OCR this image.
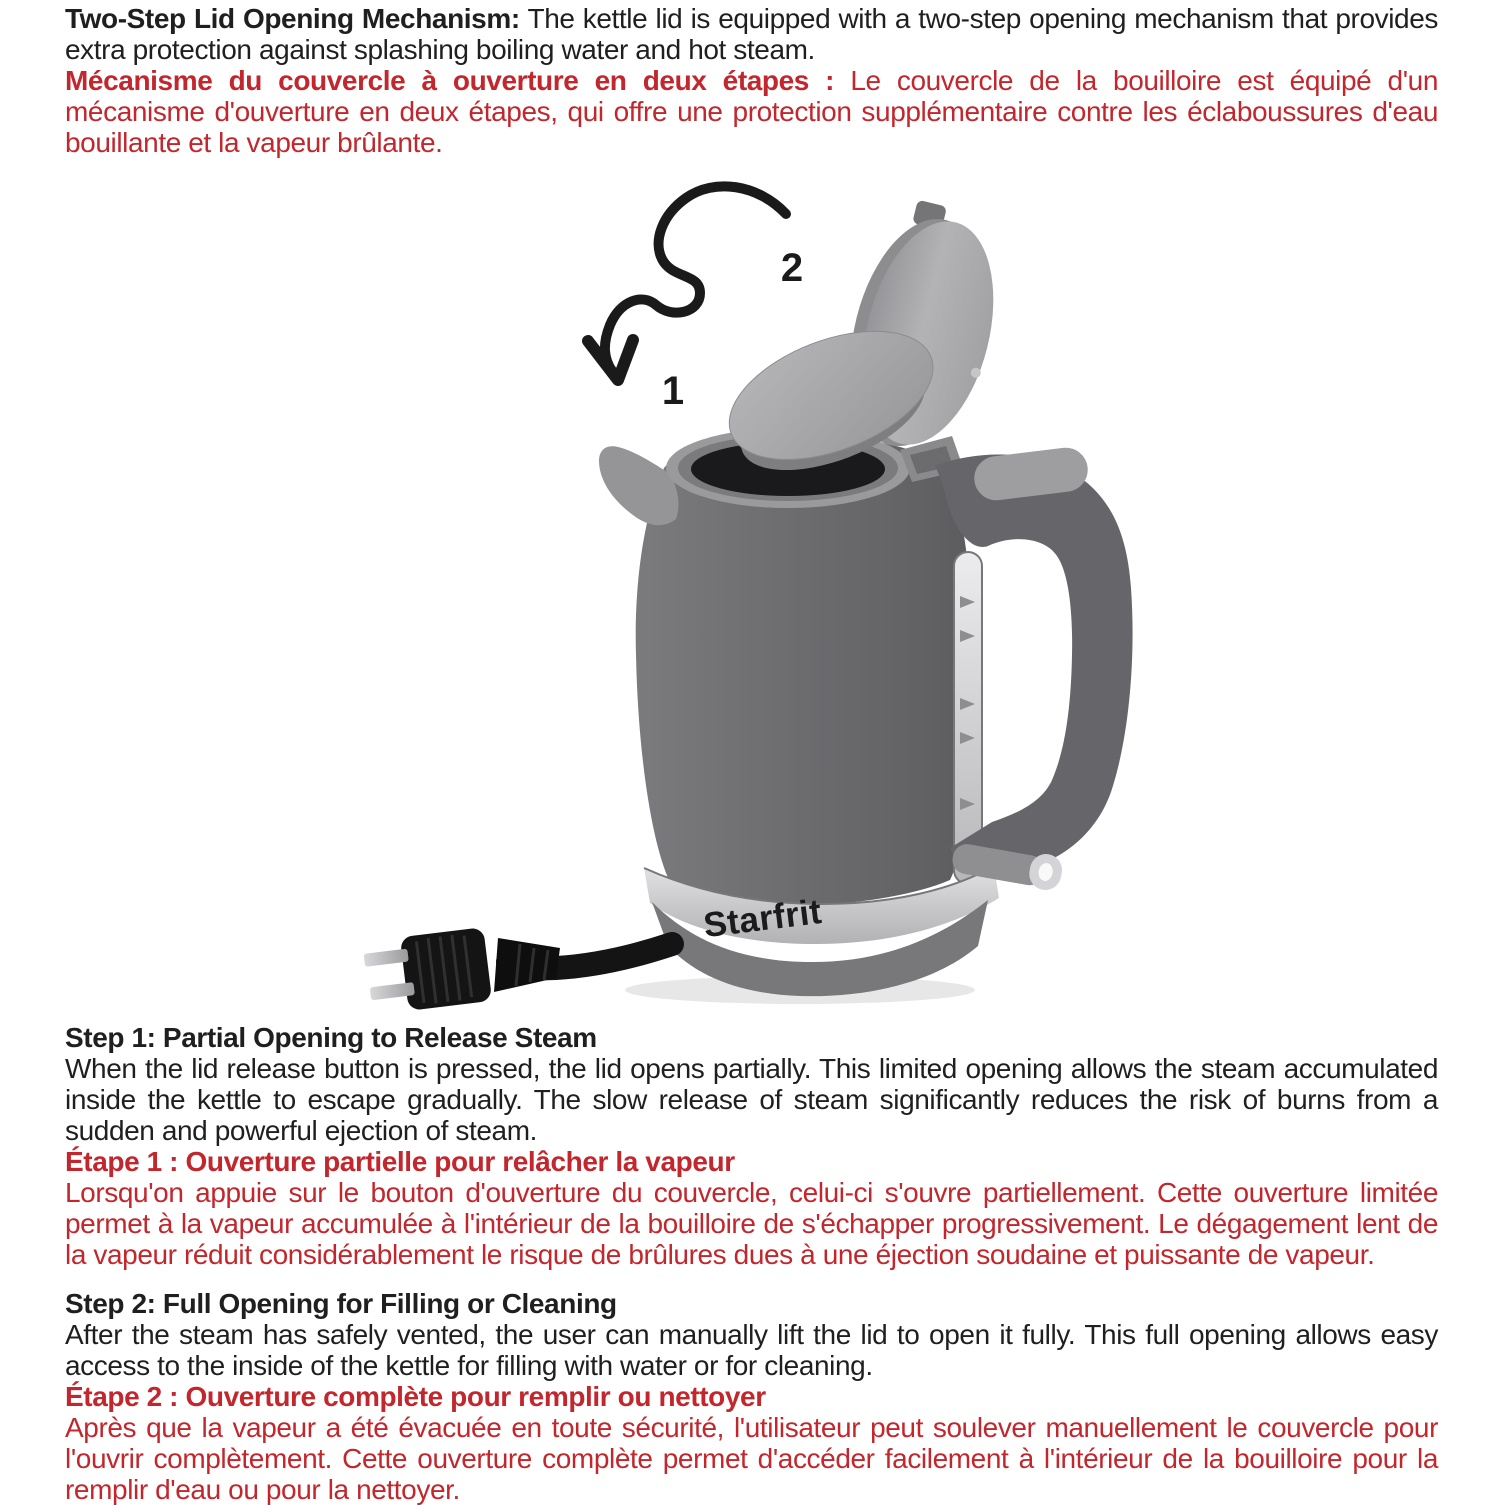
Two-Step Lid Opening Mechanism: The kettle lid is equipped with a two-step opening mechanism that provides extra protection against splashing boiling water and hot steam.

Mécanisme du couvercle à ouverture en deux étapes : Le couvercle de la bouilloire est équipé d'un mécanisme d'ouverture en deux étapes, qui offre une protection supplémentaire contre les éclaboussures d'eau bouillante et la vapeur brûlante.

1
2
Starfrit

Step 1: Partial Opening to Release Steam

When the lid release button is pressed, the lid opens partially. This limited opening allows the steam accumulated inside the kettle to escape gradually. The slow release of steam significantly reduces the risk of burns from a sudden and powerful ejection of steam.

Étape 1 : Ouverture partielle pour relâcher la vapeur

Lorsqu'on appuie sur le bouton d'ouverture du couvercle, celui-ci s'ouvre partiellement. Cette ouverture limitée permet à la vapeur accumulée à l'intérieur de la bouilloire de s'échapper progressivement. Le dégagement lent de la vapeur réduit considérablement le risque de brûlures dues à une éjection soudaine et puissante de vapeur.

Step 2: Full Opening for Filling or Cleaning

After the steam has safely vented, the user can manually lift the lid to open it fully. This full opening allows easy access to the inside of the kettle for filling with water or for cleaning.

Étape 2 : Ouverture complète pour remplir ou nettoyer

Après que la vapeur a été évacuée en toute sécurité, l'utilisateur peut soulever manuellement le couvercle pour l'ouvrir complètement. Cette ouverture complète permet d'accéder facilement à l'intérieur de la bouilloire pour la remplir d'eau ou pour la nettoyer.
